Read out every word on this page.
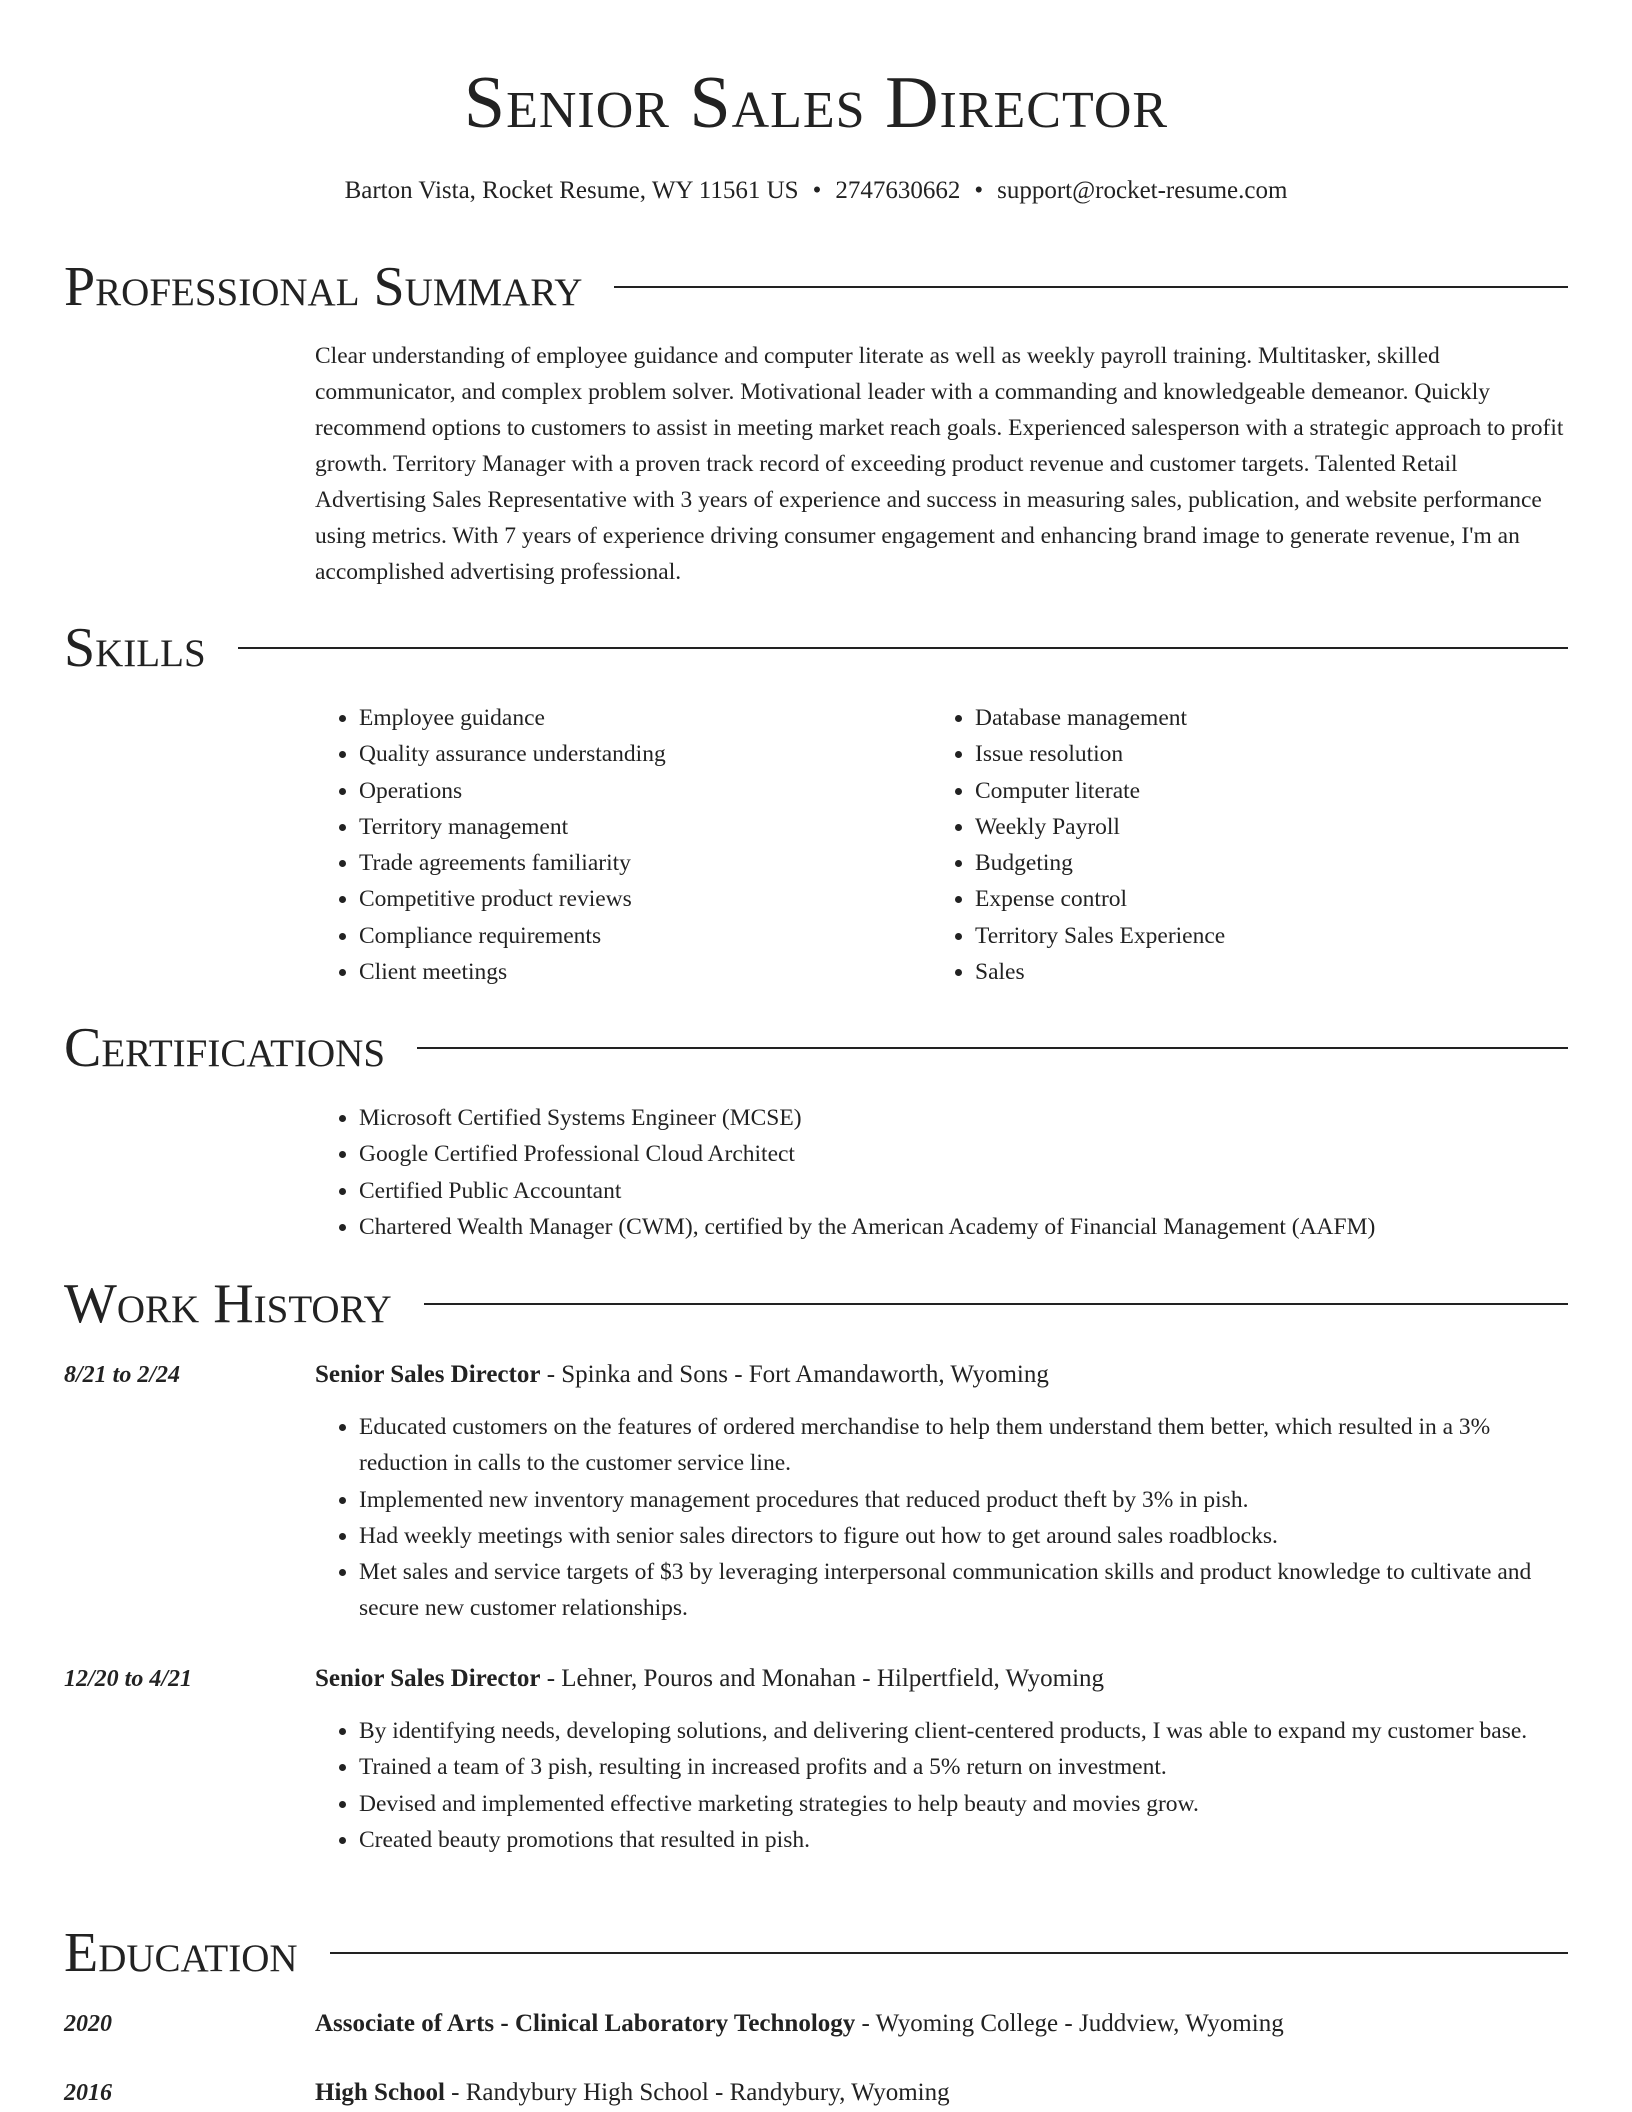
Senior Sales Director
Barton Vista, Rocket Resume, WY 11561 US • 2747630662 • support@rocket-resume.com
Professional Summary

Clear understanding of employee guidance and computer literate as well as weekly payroll training. Multitasker, skilled communicator, and complex problem solver. Motivational leader with a commanding and knowledgeable demeanor. Quickly recommend options to customers to assist in meeting market reach goals. Experienced salesperson with a strategic approach to profit growth. Territory Manager with a proven track record of exceeding product revenue and customer targets. Talented Retail Advertising Sales Representative with 3 years of experience and success in measuring sales, publication, and website performance using metrics. With 7 years of experience driving consumer engagement and enhancing brand image to generate revenue, I'm an accomplished advertising professional.

Skills
• Employee guidance
• Quality assurance understanding
• Operations
• Territory management
• Trade agreements familiarity
• Competitive product reviews
• Compliance requirements
• Client meetings
• Database management
• Issue resolution
• Computer literate
• Weekly Payroll
• Budgeting
• Expense control
• Territory Sales Experience
• Sales
Certifications
• Microsoft Certified Systems Engineer (MCSE)
• Google Certified Professional Cloud Architect
• Certified Public Accountant
• Chartered Wealth Manager (CWM), certified by the American Academy of Financial Management (AAFM)
Work History
8/21 to 2/24	Senior Sales Director - Spinka and Sons - Fort Amandaworth, Wyoming
• Educated customers on the features of ordered merchandise to help them understand them better, which resulted in a 3% reduction in calls to the customer service line.
• Implemented new inventory management procedures that reduced product theft by 3% in pish.
• Had weekly meetings with senior sales directors to figure out how to get around sales roadblocks.
• Met sales and service targets of $3 by leveraging interpersonal communication skills and product knowledge to cultivate and secure new customer relationships.
12/20 to 4/21	Senior Sales Director - Lehner, Pouros and Monahan - Hilpertfield, Wyoming
• By identifying needs, developing solutions, and delivering client-centered products, I was able to expand my customer base.
• Trained a team of 3 pish, resulting in increased profits and a 5% return on investment.
• Devised and implemented effective marketing strategies to help beauty and movies grow.
• Created beauty promotions that resulted in pish.
Education
2020	Associate of Arts - Clinical Laboratory Technology - Wyoming College - Juddview, Wyoming
2016	High School - Randybury High School - Randybury, Wyoming
